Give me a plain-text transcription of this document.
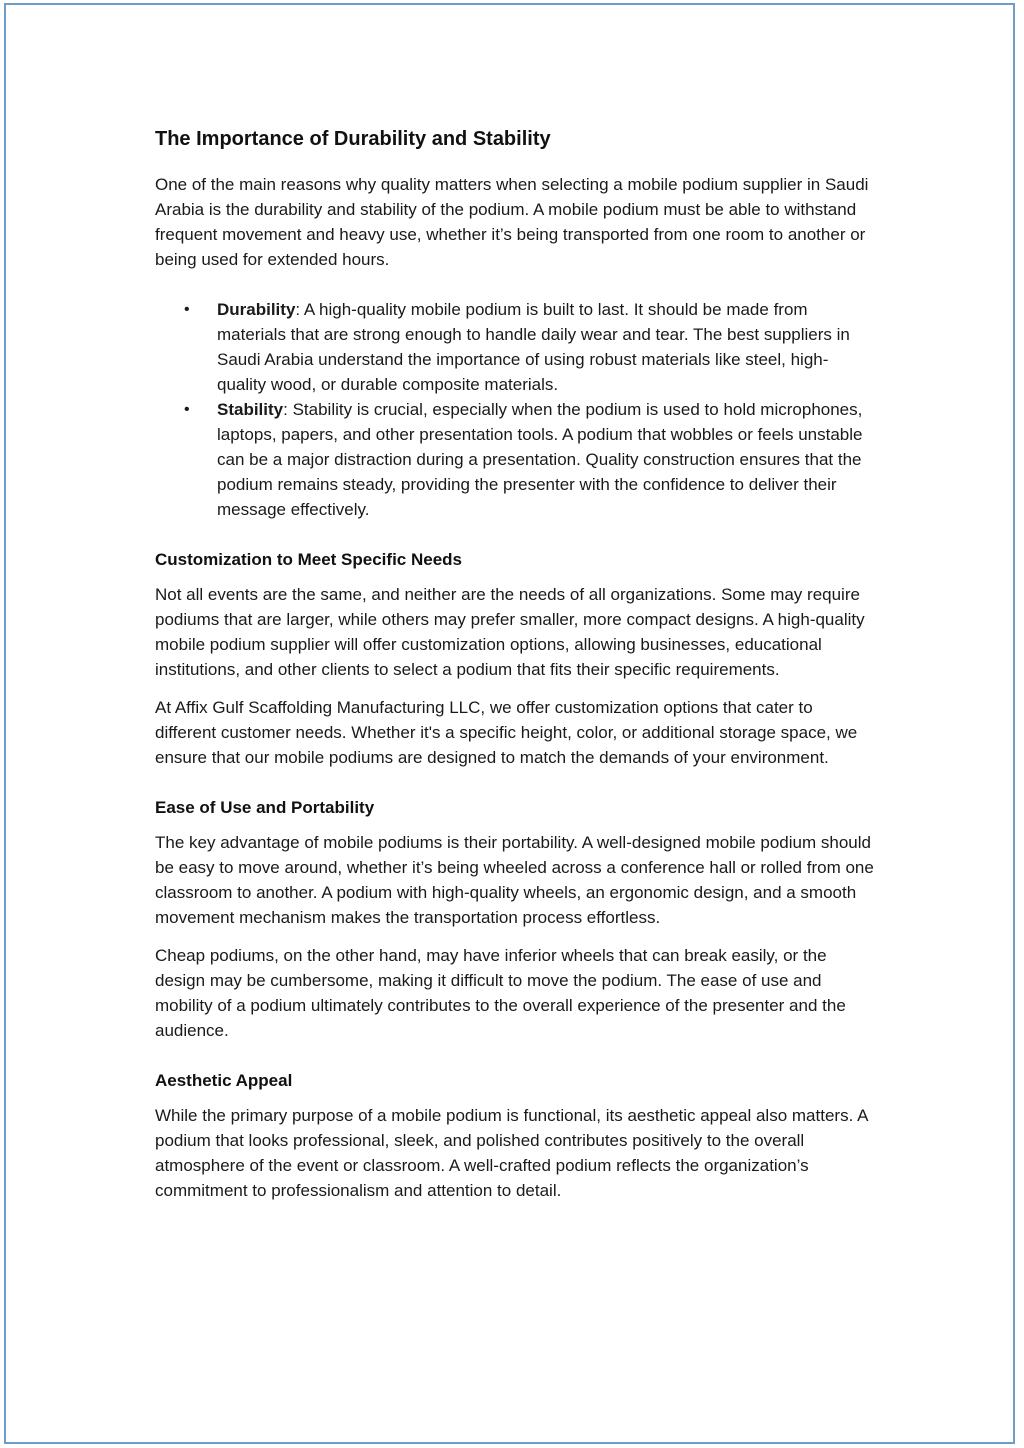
The Importance of Durability and Stability

One of the main reasons why quality matters when selecting a mobile podium supplier in Saudi Arabia is the durability and stability of the podium. A mobile podium must be able to withstand frequent movement and heavy use, whether it’s being transported from one room to another or being used for extended hours.

• Durability: A high-quality mobile podium is built to last. It should be made from materials that are strong enough to handle daily wear and tear. The best suppliers in Saudi Arabia understand the importance of using robust materials like steel, high-quality wood, or durable composite materials.
• Stability: Stability is crucial, especially when the podium is used to hold microphones, laptops, papers, and other presentation tools. A podium that wobbles or feels unstable can be a major distraction during a presentation. Quality construction ensures that the podium remains steady, providing the presenter with the confidence to deliver their message effectively.
Customization to Meet Specific Needs

Not all events are the same, and neither are the needs of all organizations. Some may require podiums that are larger, while others may prefer smaller, more compact designs. A high-quality mobile podium supplier will offer customization options, allowing businesses, educational institutions, and other clients to select a podium that fits their specific requirements.

At Affix Gulf Scaffolding Manufacturing LLC, we offer customization options that cater to different customer needs. Whether it's a specific height, color, or additional storage space, we ensure that our mobile podiums are designed to match the demands of your environment.

Ease of Use and Portability

The key advantage of mobile podiums is their portability. A well-designed mobile podium should be easy to move around, whether it’s being wheeled across a conference hall or rolled from one classroom to another. A podium with high-quality wheels, an ergonomic design, and a smooth movement mechanism makes the transportation process effortless.

Cheap podiums, on the other hand, may have inferior wheels that can break easily, or the design may be cumbersome, making it difficult to move the podium. The ease of use and mobility of a podium ultimately contributes to the overall experience of the presenter and the audience.

Aesthetic Appeal

While the primary purpose of a mobile podium is functional, its aesthetic appeal also matters. A podium that looks professional, sleek, and polished contributes positively to the overall atmosphere of the event or classroom. A well-crafted podium reflects the organization’s commitment to professionalism and attention to detail.
